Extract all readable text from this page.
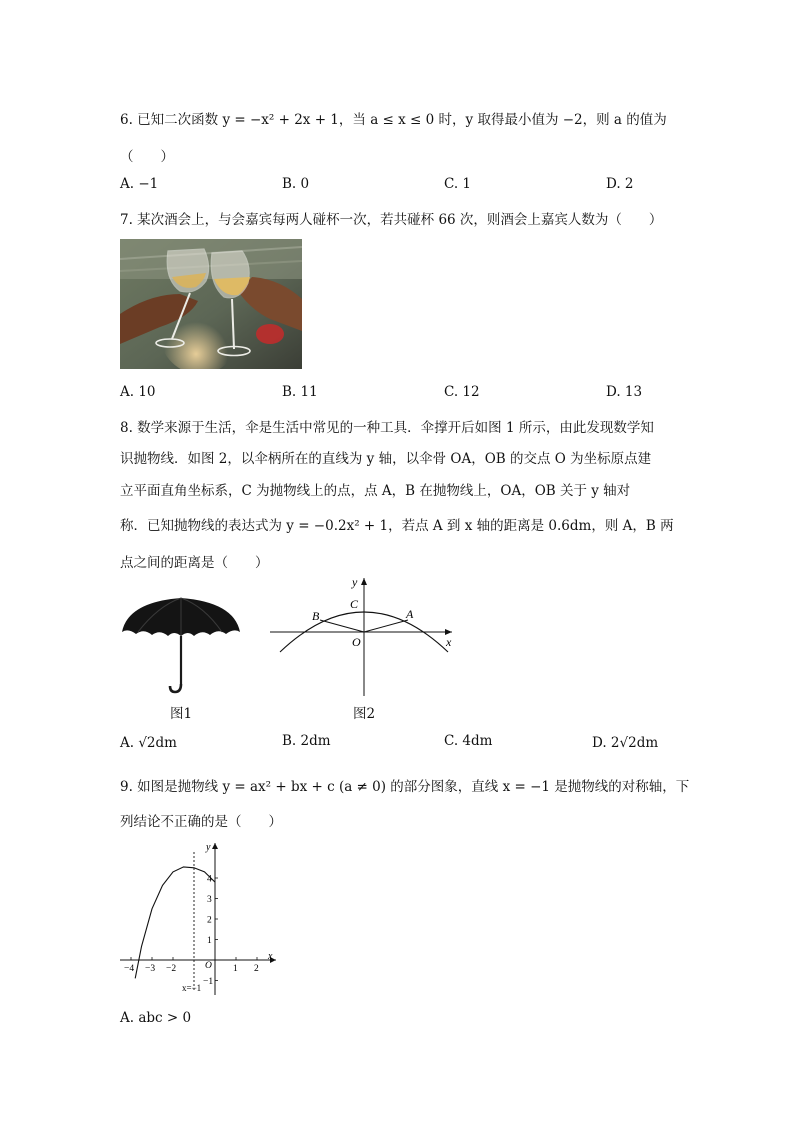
6. 已知二次函数 y = −x² + 2x + 1，当 a ≤ x ≤ 0 时，y 取得最小值为 −2，则 a 的值为
（　　）
A. −1	B. 0	C. 1	D. 2
7. 某次酒会上，与会嘉宾每两人碰杯一次，若共碰杯 66 次，则酒会上嘉宾人数为（　　）
A. 10	B. 11	C. 12	D. 13
8. 数学来源于生活，伞是生活中常见的一种工具．伞撑开后如图 1 所示，由此发现数学知
识抛物线．如图 2，以伞柄所在的直线为 y 轴，以伞骨 OA，OB 的交点 O 为坐标原点建
立平面直角坐标系，C 为抛物线上的点，点 A，B 在抛物线上，OA，OB 关于 y 轴对
称．已知抛物线的表达式为 y = −0.2x² + 1，若点 A 到 x 轴的距离是 0.6dm，则 A，B 两
点之间的距离是（　　）
图1
y
x
C
B	A
O
图2
A. √2dm	B. 2dm	C. 4dm	D. 2√2dm
9. 如图是抛物线 y = ax² + bx + c (a ≠ 0) 的部分图象，直线 x = −1 是抛物线的对称轴，下
列结论不正确的是（　　）
4
3
2
1
−1
−4 −3 −2	1 2
y
x
O
x=−1
A. abc > 0
